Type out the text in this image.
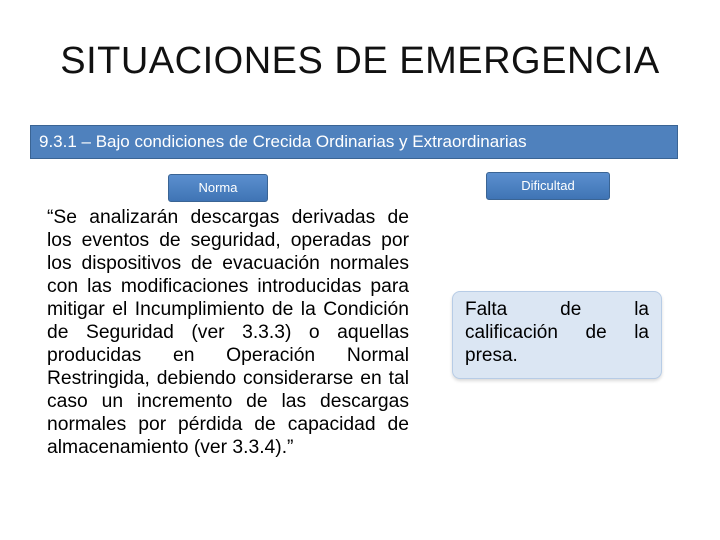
SITUACIONES DE EMERGENCIA
9.3.1 – Bajo condiciones de Crecida Ordinarias y Extraordinarias
Norma	Dificultad
“Se analizarán descargas derivadas de los eventos de seguridad, operadas por los dispositivos de evacuación normales con las modificaciones introducidas para mitigar el Incumplimiento de la Condición de Seguridad (ver 3.3.3) o aquellas producidas en Operación Normal Restringida, debiendo considerarse en tal caso un incremento de las descargas normales por pérdida de capacidad de almacenamiento (ver 3.3.4).”
Falta de la calificación de la presa.
